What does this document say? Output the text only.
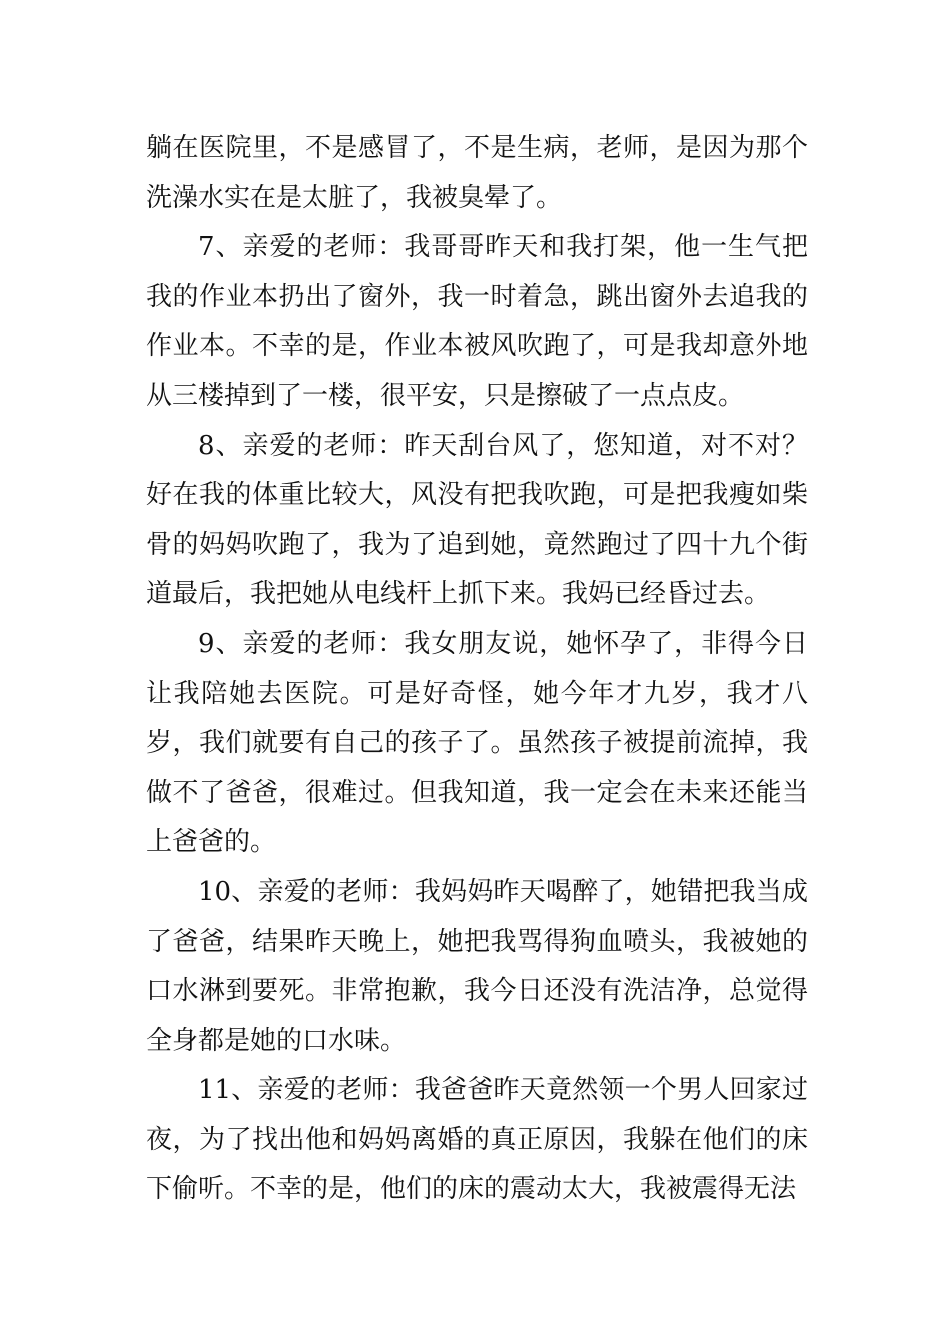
躺在医院里，不是感冒了，不是生病，老师，是因为那个洗澡水实在是太脏了，我被臭晕了。

7、亲爱的老师：我哥哥昨天和我打架，他一生气把我的作业本扔出了窗外，我一时着急，跳出窗外去追我的作业本。不幸的是，作业本被风吹跑了，可是我却意外地从三楼掉到了一楼，很平安，只是擦破了一点点皮。

8、亲爱的老师：昨天刮台风了，您知道，对不对？好在我的体重比较大，风没有把我吹跑，可是把我瘦如柴骨的妈妈吹跑了，我为了追到她，竟然跑过了四十九个街道最后，我把她从电线杆上抓下来。我妈已经昏过去。

9、亲爱的老师：我女朋友说，她怀孕了，非得今日让我陪她去医院。可是好奇怪，她今年才九岁，我才八岁，我们就要有自己的孩子了。虽然孩子被提前流掉，我做不了爸爸，很难过。但我知道，我一定会在未来还能当上爸爸的。

10、亲爱的老师：我妈妈昨天喝醉了，她错把我当成了爸爸，结果昨天晚上，她把我骂得狗血喷头，我被她的口水淋到要死。非常抱歉，我今日还没有洗洁净，总觉得全身都是她的口水味。

11、亲爱的老师：我爸爸昨天竟然领一个男人回家过夜，为了找出他和妈妈离婚的真正原因，我躲在他们的床下偷听。不幸的是，他们的床的震动太大，我被震得无法
